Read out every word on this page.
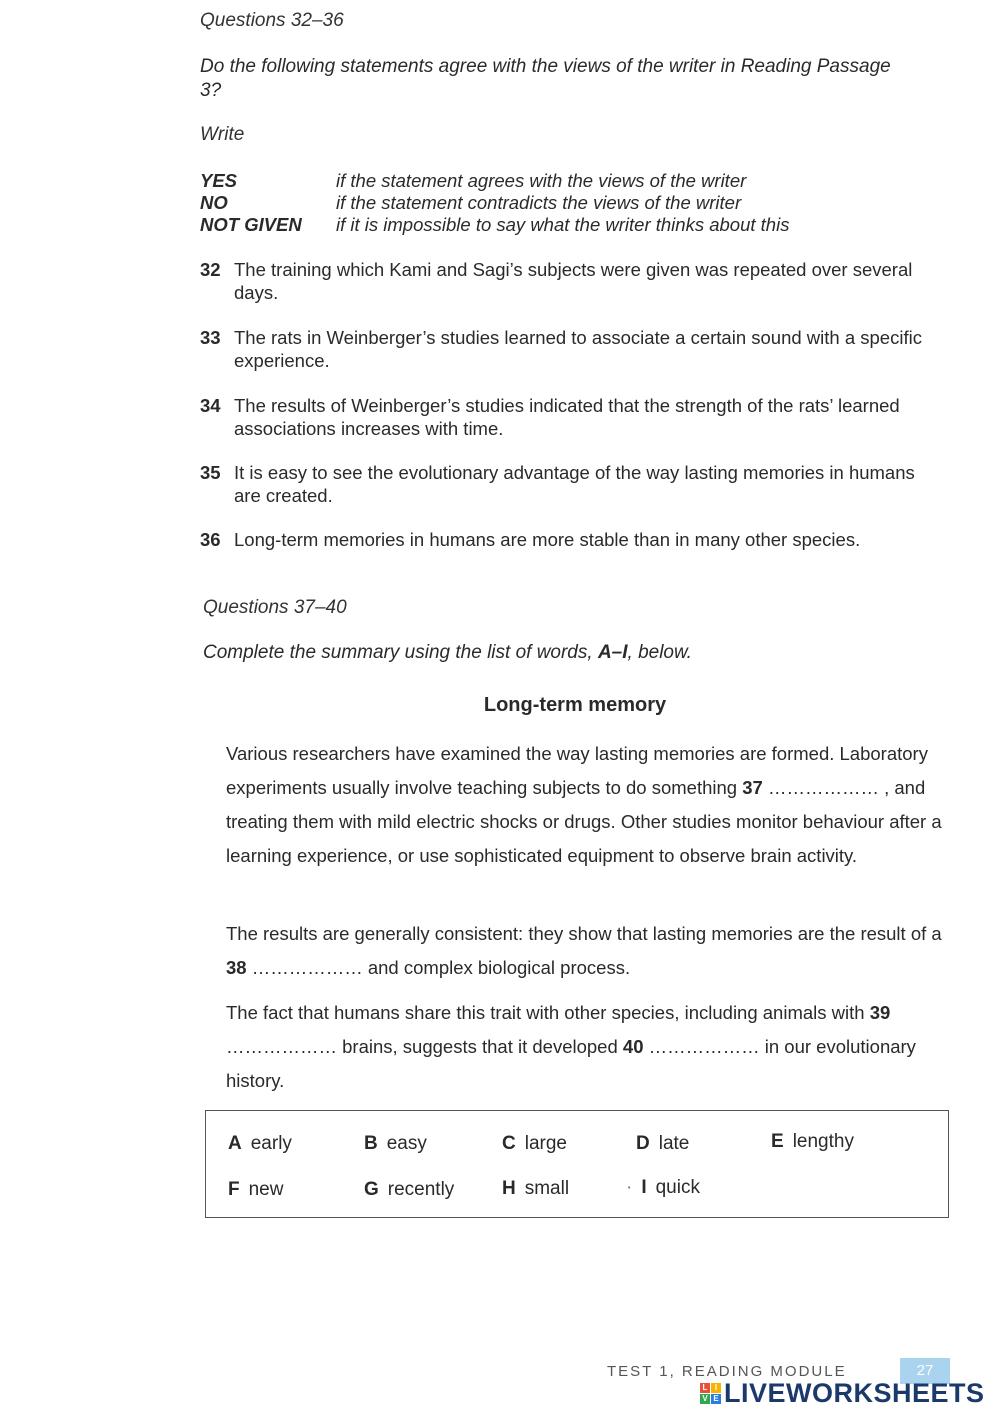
Questions 32–36
Do the following statements agree with the views of the writer in Reading Passage 3?
Write
YES	if the statement agrees with the views of the writer
NO	if the statement contradicts the views of the writer
NOT GIVEN	if it is impossible to say what the writer thinks about this
32 The training which Kami and Sagi’s subjects were given was repeated over several days.
33 The rats in Weinberger’s studies learned to associate a certain sound with a specific experience.
34 The results of Weinberger’s studies indicated that the strength of the rats’ learned associations increases with time.
35 It is easy to see the evolutionary advantage of the way lasting memories in humans are created.
36 Long-term memories in humans are more stable than in many other species.
Questions 37–40
Complete the summary using the list of words, A–I, below.
Long-term memory
Various researchers have examined the way lasting memories are formed. Laboratory experiments usually involve teaching subjects to do something 37 ……………… , and treating them with mild electric shocks or drugs. Other studies monitor behaviour after a learning experience, or use sophisticated equipment to observe brain activity.
The results are generally consistent: they show that lasting memories are the result of a 38 ……………… and complex biological process.
The fact that humans share this trait with other species, including animals with 39 ……………… brains, suggests that it developed 40 ……………… in our evolutionary history.
A early	B easy	C large	D late	E lengthy
F new	G recently	H small	· I quick
TEST 1, READING MODULE	27
L I
V E LIVEWORKSHEETS
